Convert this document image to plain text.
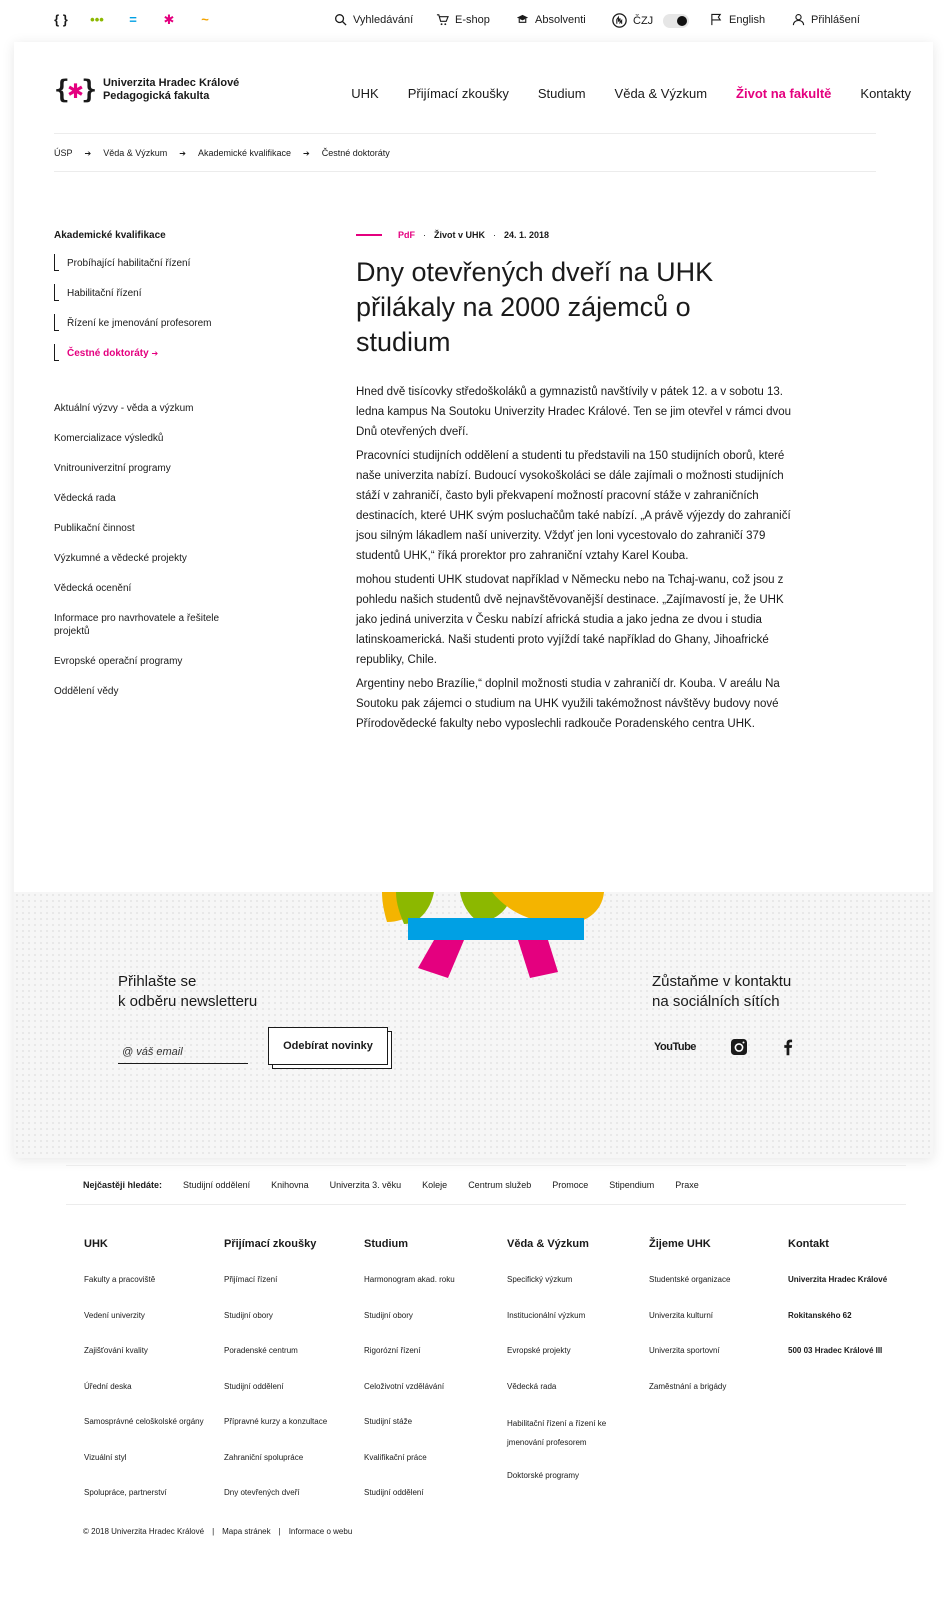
{ } ••• = ✱ ~	Vyhledávání	E-shop	Absolventi	ČZJ	English	Přihlášení
{✱} Univerzita Hradec Králové
Pedagogická fakulta	UHK Přijímací zkoušky Studium Věda & Výzkum Život na fakultě Kontakty
ÚSP ➔ Věda & Výzkum ➔ Akademické kvalifikace ➔ Čestné doktoráty
Akademické kvalifikace
Probíhající habilitační řízení
Habilitační řízení
Řízení ke jmenování profesorem
Čestné doktoráty ➔
Aktuální výzvy - věda a výzkum
Komercializace výsledků
Vnitrouniverzitní programy
Vědecká rada
Publikační činnost
Výzkumné a vědecké projekty
Vědecká ocenění
Informace pro navrhovatele a řešitele projektů
Evropské operační programy
Oddělení vědy
PdF · Život v UHK · 24. 1. 2018
Dny otevřených dveří na UHK přilákaly na 2000 zájemců o studium

Hned dvě tisícovky středoškoláků a gymnazistů navštívily v pátek 12. a v sobotu 13. ledna kampus Na Soutoku Univerzity Hradec Králové. Ten se jim otevřel v rámci dvou Dnů otevřených dveří.

Pracovníci studijních oddělení a studenti tu představili na 150 studijních oborů, které naše univerzita nabízí. Budoucí vysokoškoláci se dále zajímali o možnosti studijních stáží v zahraničí, často byli překvapení možností pracovní stáže v zahraničních destinacích, které UHK svým posluchačům také nabízí. „A právě výjezdy do zahraničí jsou silným lákadlem naší univerzity. Vždyť jen loni vycestovalo do zahraničí 379 studentů UHK,“ říká prorektor pro zahraniční vztahy Karel Kouba.

mohou studenti UHK studovat například v Německu nebo na Tchaj-wanu, což jsou z pohledu našich studentů dvě nejnavštěvovanější destinace. „Zajímavostí je, že UHK jako jediná univerzita v Česku nabízí africká studia a jako jedna ze dvou i studia latinskoamerická. Naši studenti proto vyjíždí také například do Ghany, Jihoafrické republiky, Chile.

Argentiny nebo Brazílie,“ doplnil možnosti studia v zahraničí dr. Kouba. V areálu Na Soutoku pak zájemci o studium na UHK využili takémožnost návštěvy budovy nové Přírodovědecké fakulty nebo vyposlechli radkouče Poradenského centra UHK.

Přihlašte se
k odběru newsletteru
@ váš email	Odebírat novinky
Zůstaňme v kontaktu
na sociálních sítích
YouTube
Nejčastěji hledáte: Studijní oddělení Knihovna Univerzita 3. věku Koleje Centrum služeb Promoce Stipendium Praxe
UHK
Fakulty a pracoviště
Vedení univerzity
Zajišťování kvality
Úřední deska
Samosprávné celoškolské orgány
Vizuální styl
Spolupráce, partnerství
Přijímací zkoušky
Přijímací řízení
Studijní obory
Poradenské centrum
Studijní oddělení
Přípravné kurzy a konzultace
Zahraniční spolupráce
Dny otevřených dveří
Studium
Harmonogram akad. roku
Studijní obory
Rigorózní řízení
Celoživotní vzdělávání
Studijní stáže
Kvalifikační práce
Studijní oddělení
Věda & Výzkum
Specifický výzkum
Institucionální výzkum
Evropské projekty
Vědecká rada
Habilitační řízení a řízení ke jmenování profesorem
Doktorské programy
Žijeme UHK
Studentské organizace
Univerzita kulturní
Univerzita sportovní
Zaměstnání a brigády
Kontakt
Univerzita Hradec Králové
Rokitanského 62
500 03 Hradec Králové III
© 2018 Univerzita Hradec Králové | Mapa stránek | Informace o webu
